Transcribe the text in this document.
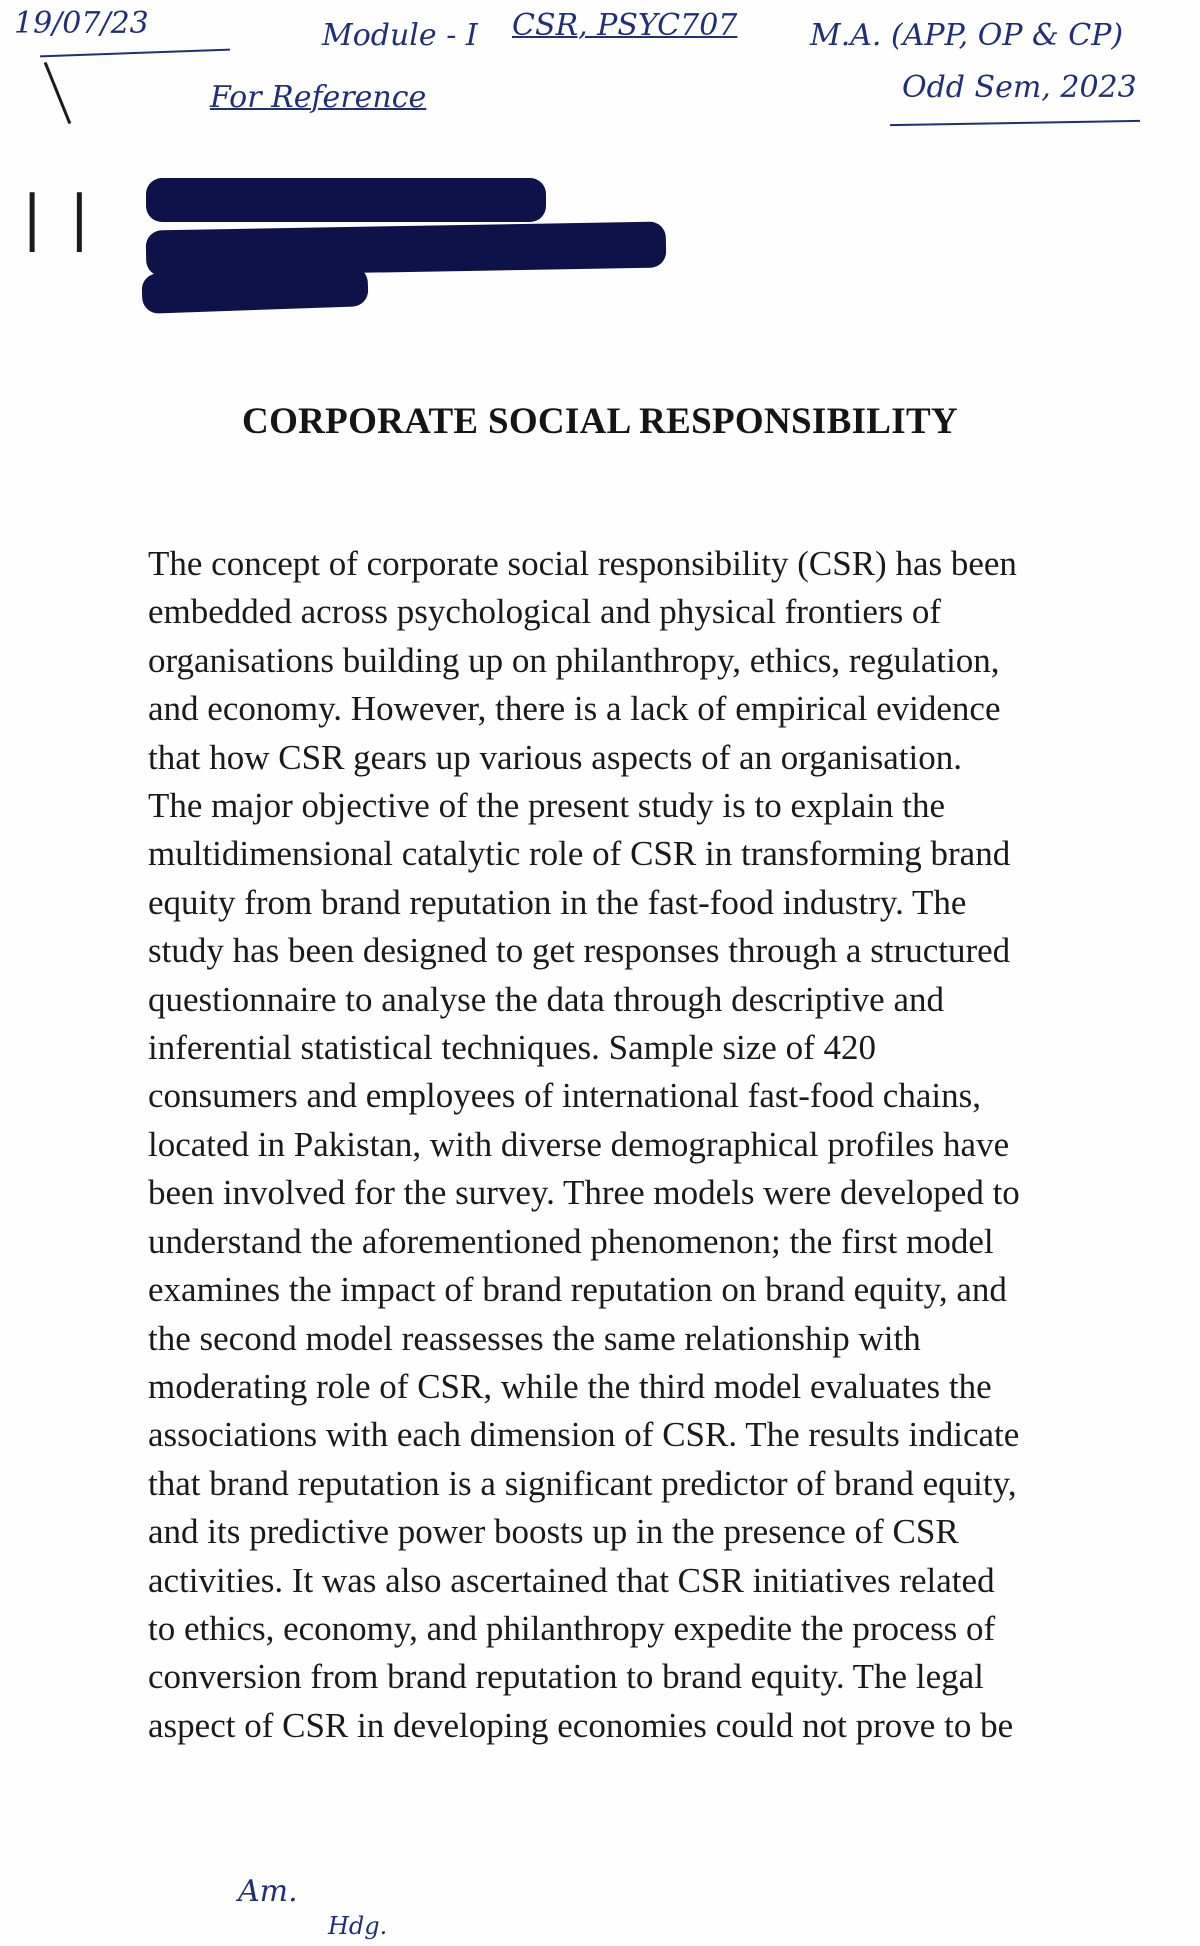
19/07/23	Module - I CSR, PSYC707 M.A. (APP, OP & CP)
For Reference	Odd Sem, 2023
| |
CORPORATE SOCIAL RESPONSIBILITY
The concept of corporate social responsibility (CSR) has been
embedded across psychological and physical frontiers of
organisations building up on philanthropy, ethics, regulation,
and economy. However, there is a lack of empirical evidence
that how CSR gears up various aspects of an organisation.
The major objective of the present study is to explain the
multidimensional catalytic role of CSR in transforming brand
equity from brand reputation in the fast-food industry. The
study has been designed to get responses through a structured
questionnaire to analyse the data through descriptive and
inferential statistical techniques. Sample size of 420
consumers and employees of international fast-food chains,
located in Pakistan, with diverse demographical profiles have
been involved for the survey. Three models were developed to
understand the aforementioned phenomenon; the first model
examines the impact of brand reputation on brand equity, and
the second model reassesses the same relationship with
moderating role of CSR, while the third model evaluates the
associations with each dimension of CSR. The results indicate
that brand reputation is a significant predictor of brand equity,
and its predictive power boosts up in the presence of CSR
activities. It was also ascertained that CSR initiatives related
to ethics, economy, and philanthropy expedite the process of
conversion from brand reputation to brand equity. The legal
aspect of CSR in developing economies could not prove to be
Am.
Hdg.
